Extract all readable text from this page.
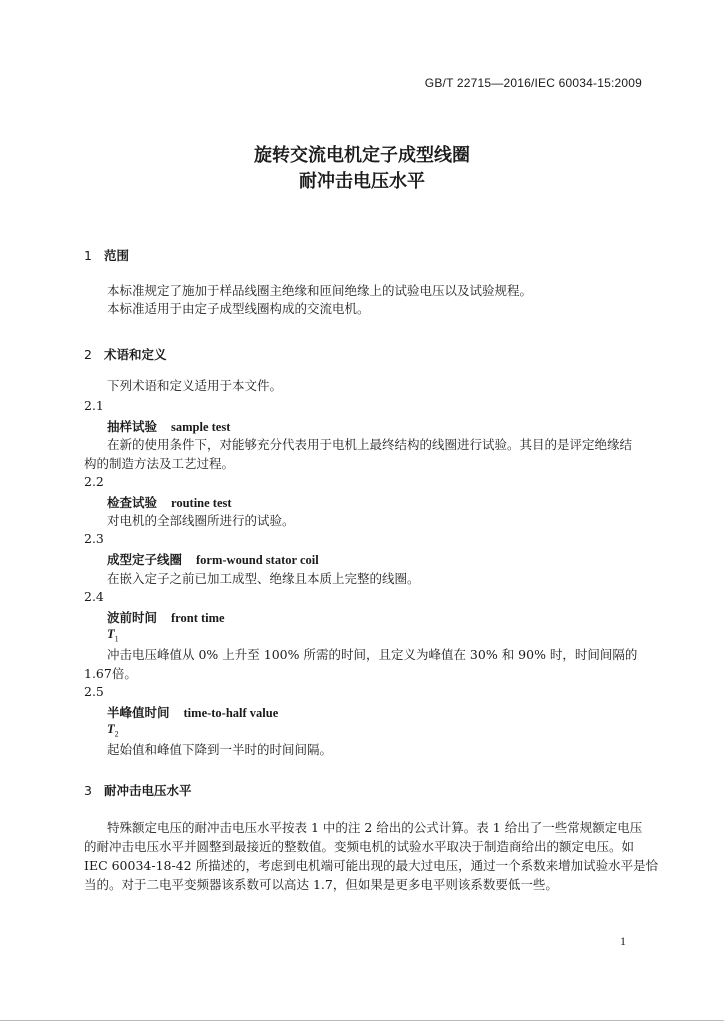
GB/T 22715—2016/IEC 60034-15:2009
旋转交流电机定子成型线圈
耐冲击电压水平
1 范围
本标准规定了施加于样品线圈主绝缘和匝间绝缘上的试验电压以及试验规程。
本标准适用于由定子成型线圈构成的交流电机。
2 术语和定义
下列术语和定义适用于本文件。
2.1
抽样试验 sample test
在新的使用条件下，对能够充分代表用于电机上最终结构的线圈进行试验。其目的是评定绝缘结
构的制造方法及工艺过程。
2.2
检查试验 routine test
对电机的全部线圈所进行的试验。
2.3
成型定子线圈 form-wound stator coil
在嵌入定子之前已加工成型、绝缘且本质上完整的线圈。
2.4
波前时间 front time
$T_1$
冲击电压峰值从 0% 上升至 100% 所需的时间，且定义为峰值在 30% 和 90% 时，时间间隔的
1.67倍。
2.5
半峰值时间 time-to-half value
$T_2$
起始值和峰值下降到一半时的时间间隔。
3 耐冲击电压水平
特殊额定电压的耐冲击电压水平按表 1 中的注 2 给出的公式计算。表 1 给出了一些常规额定电压
的耐冲击电压水平并圆整到最接近的整数值。变频电机的试验水平取决于制造商给出的额定电压。如
IEC 60034-18-42 所描述的，考虑到电机端可能出现的最大过电压，通过一个系数来增加试验水平是恰
当的。对于二电平变频器该系数可以高达 1.7，但如果是更多电平则该系数要低一些。
1
